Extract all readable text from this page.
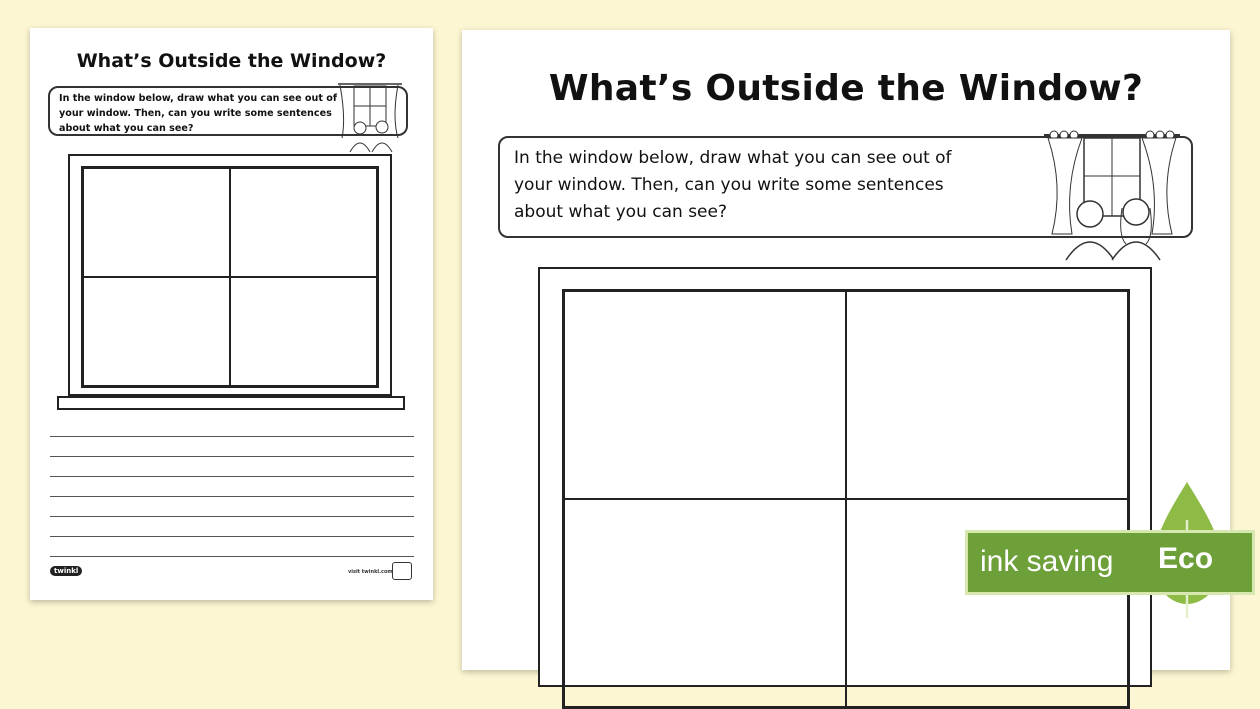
What’s Outside the Window?
In the window below, draw what you can see out of your window. Then, can you write some sentences about what you can see?
twinkl	visit twinkl.com
What’s Outside the Window?
In the window below, draw what you can see out of
your window. Then, can you write some sentences
about what you can see?
ink saving Eco
